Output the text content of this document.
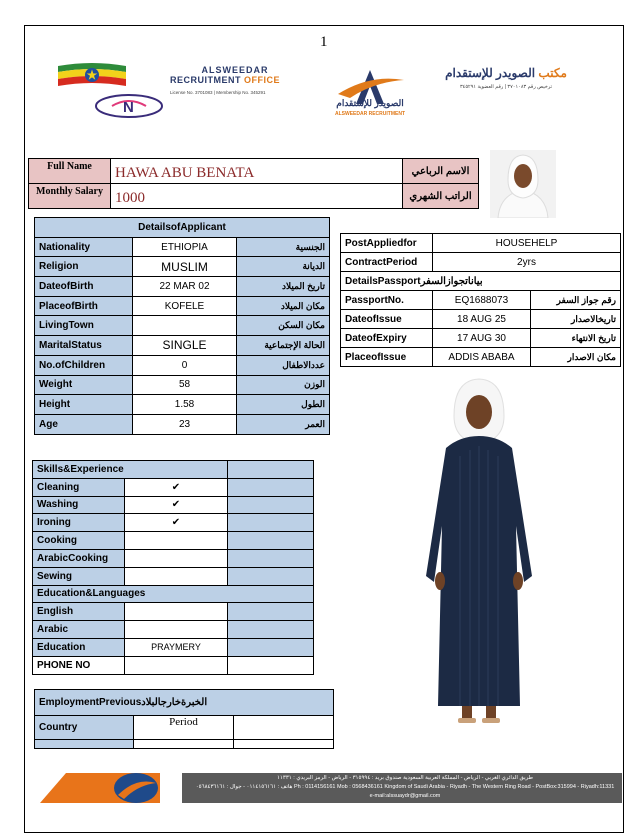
1
N
ALSWEEDAR
RECRUITMENT OFFICE
License No. 3701083 | Membership No. 345291
الصويدر للإستقدام
ALSWEEDAR RECRUITMENT
مكتب الصويدر للإستقدام
ترخيص رقم ٣٧٠١٠٨٣ | رقم العضوية ٣٤٥٢٩١
Full Name	HAWA ABU BENATA	الاسم الرباعي
Monthly Salary	1000	الراتب الشهري
DetailsofApplicant		
Nationality	ETHIOPIA	الجنسية
Religion	MUSLIM	الديانة
DateofBirth	22 MAR 02	تاريخ الميلاد
PlaceofBirth	KOFELE	مكان الميلاد
LivingTown		مكان السكن
MaritalStatus	SINGLE	الحالة الإجتماعية
No.ofChildren	0	عددالاطفال
Weight	58	الوزن
Height	1.58	الطول
Age	23	العمر
PostAppliedfor	HOUSEHELP	
ContractPeriod	2yrs	
DetailsPassportبياناتجوازالسفر		
PassportNo.	EQ1688073	رقم جواز السفر
DateofIssue	18 AUG 25	تاريخالاصدار
DateofExpiry	17 AUG 30	تاريخ الانتهاء
PlaceofIssue	ADDIS ABABA	مكان الاصدار
Skills&Experience		
Cleaning	✔	
Washing	✔	
Ironing	✔	
Cooking		
ArabicCooking		
Sewing		
Education&Languages		
English		
Arabic		
Education	PRAYMERY	
PHONE NO		
EmploymentPreviousالخبرةخارجالبلاد		
Country	Period	

طريق الدائري الغربي - الرياض - المملكة العربية السعودية صندوق بريد : ٣١٥٩٩٤ - الرياض - الرمز البريدي : ١١٣٣١
هاتف : ٠١١٤١٥٦١٦١ - جوال : ٠٥٦٨٤٣٦١٦١ Ph : 0114156161 Mob : 0568436161 Kingdom of Saudi Arabia - Riyadh - The Western Ring Road - PostBox:315994 - Riyadh:11331
e-mail:alssuaydr@gmail.com
